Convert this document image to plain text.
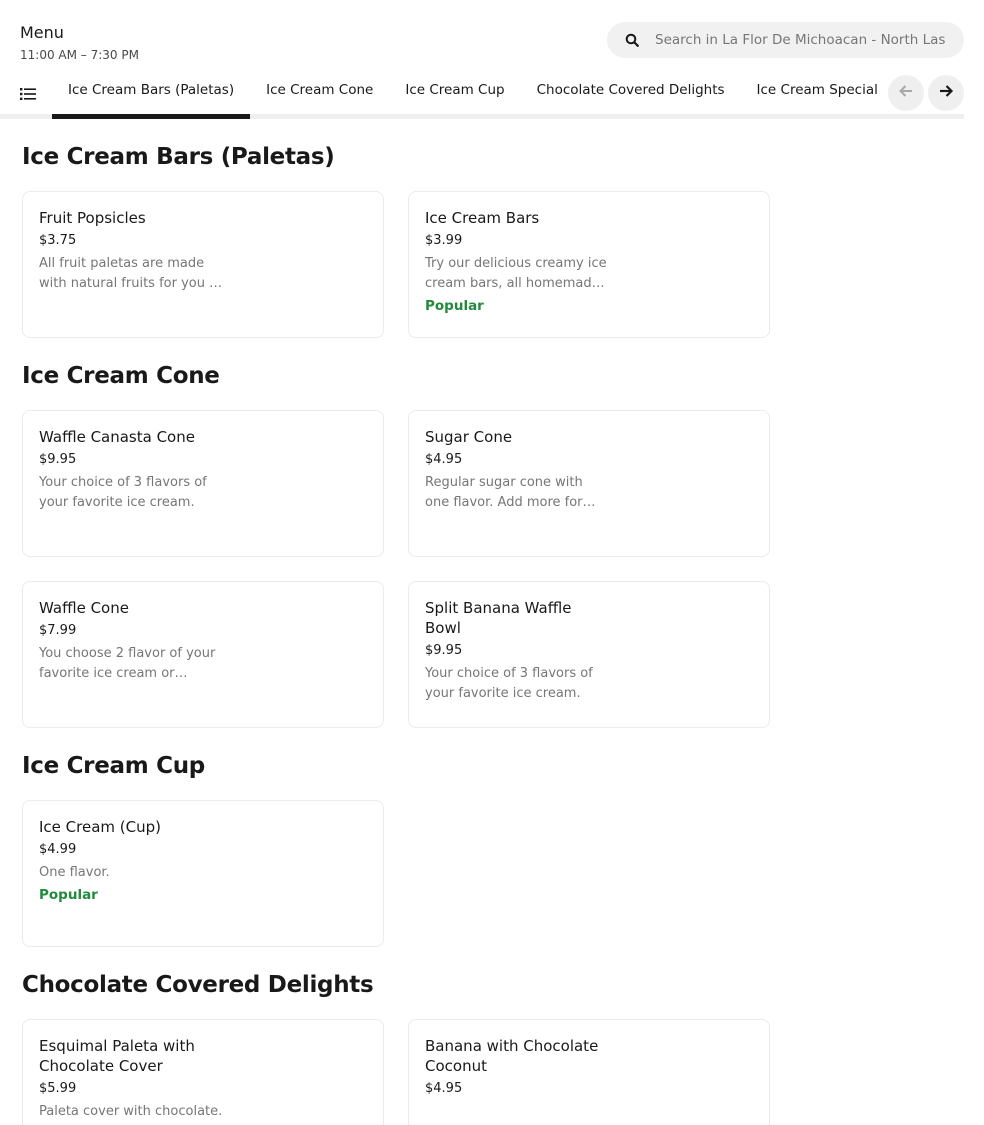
Menu
11:00 AM – 7:30 PM
Search in La Flor De Michoacan - North Las Vegas
Ice Cream Bars (Paletas) Ice Cream Cone Ice Cream Cup Chocolate Covered Delights Ice Cream Special
Ice Cream Bars (Paletas)
Fruit Popsicles
$3.75
All fruit paletas are made with natural fruits for you to
Ice Cream Bars
$3.99
Try our delicious creamy ice cream bars, all homemade
Popular
Ice Cream Cone
Waffle Canasta Cone
$9.95
Your choice of 3 flavors of your favorite ice cream.
Sugar Cone
$4.95
Regular sugar cone with one flavor. Add more for
Waffle Cone
$7.99
You choose 2 flavor of your favorite ice cream or
Split Banana Waffle Bowl
$9.95
Your choice of 3 flavors of your favorite ice cream.
Ice Cream Cup
Ice Cream (Cup)
$4.99
One flavor.
Popular
Chocolate Covered Delights
Esquimal Paleta with Chocolate Cover
$5.99
Paleta cover with chocolate.
Banana with Chocolate Coconut
$4.95
